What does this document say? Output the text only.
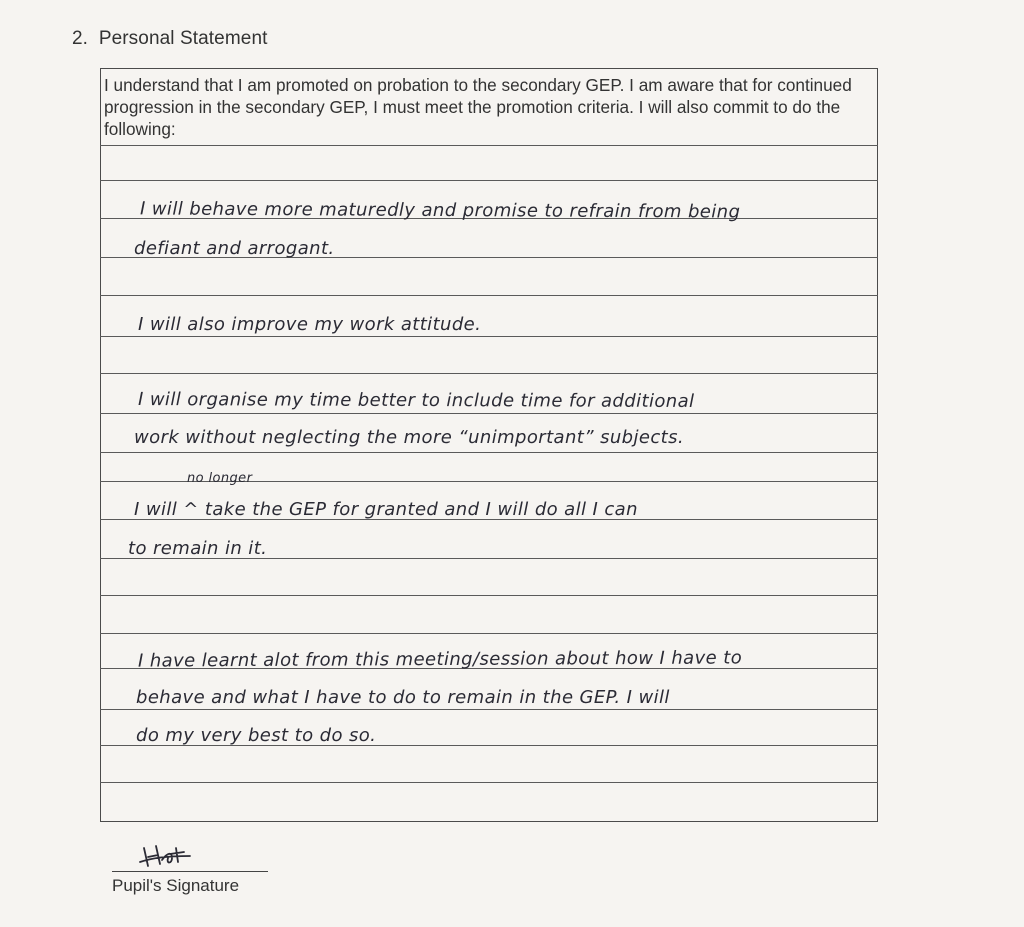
2. Personal Statement
I understand that I am promoted on probation to the secondary GEP. I am aware that for continued progression in the secondary GEP, I must meet the promotion criteria. I will also commit to do the following:
I will behave more maturedly and promise to refrain from being
defiant and arrogant.
I will also improve my work attitude.
I will organise my time better to include time for additional
work without neglecting the more “unimportant” subjects.
no longer
I will ^ take the GEP for granted and I will do all I can
to remain in it.
I have learnt alot from this meeting/session about how I have to
behave and what I have to do to remain in the GEP. I will
do my very best to do so.
Pupil's Signature
